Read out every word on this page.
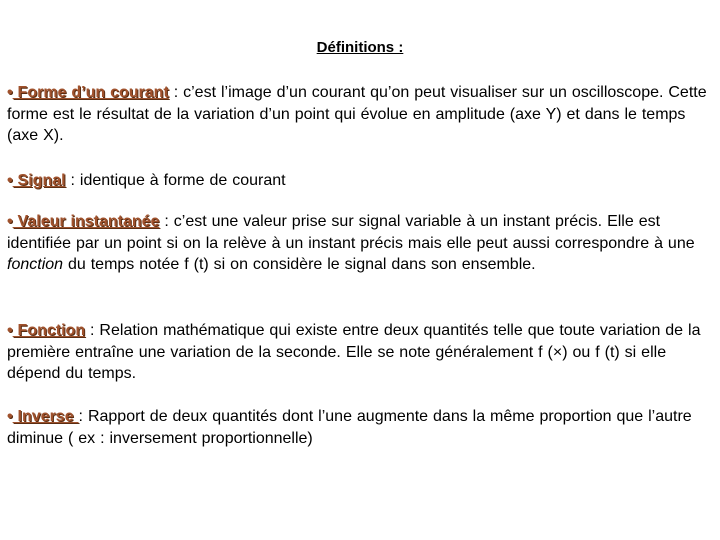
Définitions :
• Forme d’un courant : c’est l’image d’un courant qu’on peut visualiser sur un oscilloscope. Cette forme est le résultat de la variation d’un point qui évolue en amplitude (axe Y) et dans le temps (axe X).
• Signal : identique à forme de courant
• Valeur instantanée : c’est une valeur prise sur signal variable à un instant précis. Elle est identifiée par un point si on la relève à un instant précis mais elle peut aussi correspondre à une fonction du temps notée f (t) si on considère le signal dans son ensemble.
• Fonction : Relation mathématique qui existe entre deux quantités telle que toute variation de la première entraîne une variation de la seconde. Elle se note généralement f (×) ou f (t) si elle dépend du temps.
• Inverse : Rapport de deux quantités dont l’une augmente dans la même proportion que l’autre diminue ( ex : inversement proportionnelle)
